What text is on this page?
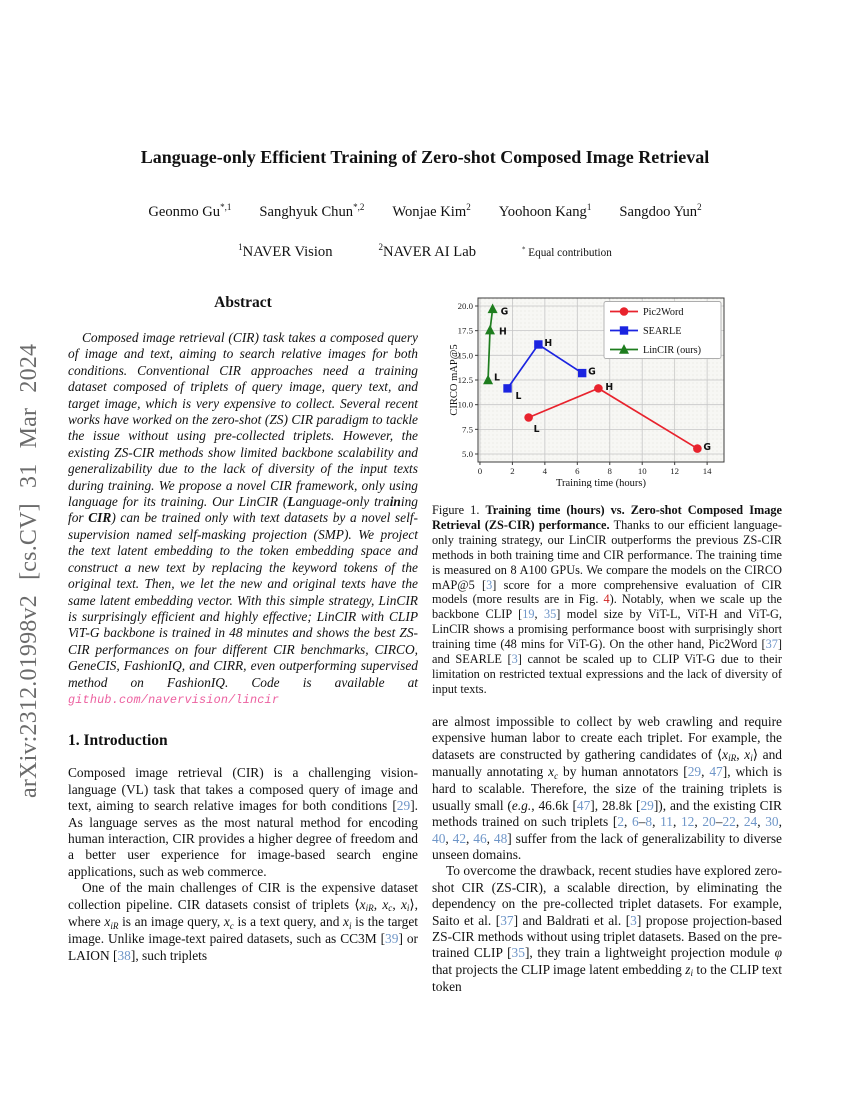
arXiv:2312.01998v2 [cs.CV] 31 Mar 2024
Language-only Efficient Training of Zero-shot Composed Image Retrieval
Geonmo $Gu^{*,1}$ Sanghyuk Chun$^{*,2}$ Wonjae Kim$^2$ Yoohoon Kang$^1$ Sangdoo Yun$^2$
$^1$NAVER Vision	$^2$NAVER AI Lab	* Equal contribution
Abstract

Composed image retrieval (CIR) task takes a composed query of image and text, aiming to search relative images for both conditions. Conventional CIR approaches need a training dataset composed of triplets of query image, query text, and target image, which is very expensive to collect. Several recent works have worked on the zero-shot (ZS) CIR paradigm to tackle the issue without using pre-collected triplets. However, the existing ZS-CIR methods show limited backbone scalability and generalizability due to the lack of diversity of the input texts during training. We propose a novel CIR framework, only using language for its training. Our LinCIR (Language-only training for CIR) can be trained only with text datasets by a novel self-supervision named self-masking projection (SMP). We project the text latent embedding to the token embedding space and construct a new text by replacing the keyword tokens of the original text. Then, we let the new and original texts have the same latent embedding vector. With this simple strategy, LinCIR is surprisingly efficient and highly effective; LinCIR with CLIP ViT-G backbone is trained in 48 minutes and shows the best ZS-CIR performances on four different CIR benchmarks, CIRCO, GeneCIS, FashionIQ, and CIRR, even outperforming supervised method on FashionIQ. Code is available at github.com/navervision/lincir

1. Introduction

Composed image retrieval (CIR) is a challenging vision-language (VL) task that takes a composed query of image and text, aiming to search relative images for both conditions [29]. As language serves as the most natural method for encoding human interaction, CIR provides a higher degree of freedom and a better user experience for image-based search engine applications, such as web commerce.

One of the main challenges of CIR is the expensive dataset collection pipeline. CIR datasets consist of triplets ⟨xiR, xc, xi⟩, where xiR is an image query, xc is a text query, and xi is the target image. Unlike image-text paired datasets, such as CC3M [39] or LAION [38], such triplets

L
H
G
L
H
G
L
H
G
0	2	4	6	8	10	12	14
5.0
7.5
10.0
12.5
15.0
17.5
20.0
Training time (hours)
CIRCO mAP@5
Pic2Word
SEARLE
LinCIR (ours)

Figure 1. Training time (hours) vs. Zero-shot Composed Image Retrieval (ZS-CIR) performance. Thanks to our efficient language-only training strategy, our LinCIR outperforms the previous ZS-CIR methods in both training time and CIR performance. The training time is measured on 8 A100 GPUs. We compare the models on the CIRCO mAP@5 [3] score for a more comprehensive evaluation of CIR models (more results are in Fig. 4). Notably, when we scale up the backbone CLIP [19, 35] model size by ViT-L, ViT-H and ViT-G, LinCIR shows a promising performance boost with surprisingly short training time (48 mins for ViT-G). On the other hand, Pic2Word [37] and SEARLE [3] cannot be scaled up to CLIP ViT-G due to their limitation on restricted textual expressions and the lack of diversity of input texts.

are almost impossible to collect by web crawling and require expensive human labor to create each triplet. For example, the datasets are constructed by gathering candidates of ⟨xiR, xi⟩ and manually annotating xc by human annotators [29, 47], which is hard to scalable. Therefore, the size of the training triplets is usually small (e.g., 46.6k [47], 28.8k [29]), and the existing CIR methods trained on such triplets [2, 6–8, 11, 12, 20–22, 24, 30, 40, 42, 46, 48] suffer from the lack of generalizability to diverse unseen domains.

To overcome the drawback, recent studies have explored zero-shot CIR (ZS-CIR), a scalable direction, by eliminating the dependency on the pre-collected triplet datasets. For example, Saito et al. [37] and Baldrati et al. [3] propose projection-based ZS-CIR methods without using triplet datasets. Based on the pre-trained CLIP [35], they train a lightweight projection module φ that projects the CLIP image latent embedding zi to the CLIP text token
